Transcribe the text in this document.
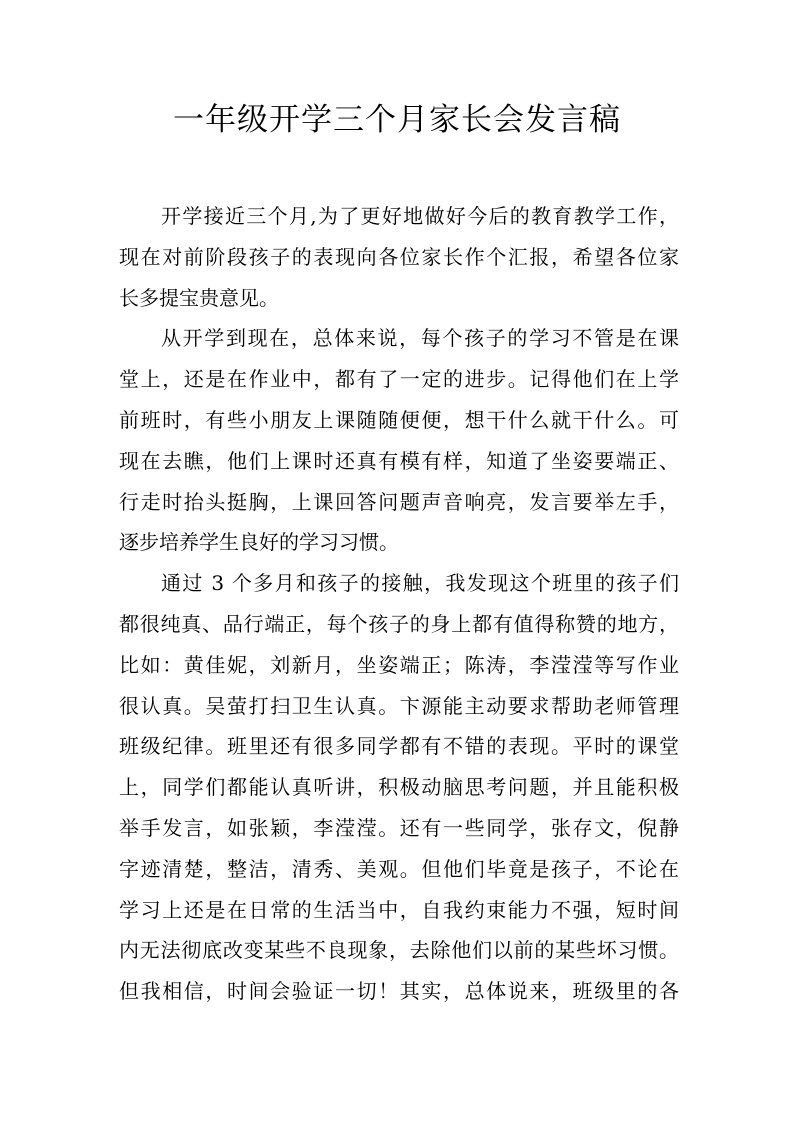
一年级开学三个月家长会发言稿
开学接近三个月,为了更好地做好今后的教育教学工作，
现在对前阶段孩子的表现向各位家长作个汇报，希望各位家
长多提宝贵意见。
从开学到现在，总体来说，每个孩子的学习不管是在课
堂上，还是在作业中，都有了一定的进步。记得他们在上学
前班时，有些小朋友上课随随便便，想干什么就干什么。可
现在去瞧，他们上课时还真有模有样，知道了坐姿要端正、
行走时抬头挺胸，上课回答问题声音响亮，发言要举左手，
逐步培养学生良好的学习习惯。
通过 3 个多月和孩子的接触，我发现这个班里的孩子们
都很纯真、品行端正，每个孩子的身上都有值得称赞的地方，
比如：黄佳妮，刘新月，坐姿端正；陈涛，李滢滢等写作业
很认真。吴萤打扫卫生认真。卞源能主动要求帮助老师管理
班级纪律。班里还有很多同学都有不错的表现。平时的课堂
上，同学们都能认真听讲，积极动脑思考问题，并且能积极
举手发言，如张颖，李滢滢。还有一些同学，张存文，倪静
字迹清楚，整洁，清秀、美观。但他们毕竟是孩子，不论在
学习上还是在日常的生活当中，自我约束能力不强，短时间
内无法彻底改变某些不良现象，去除他们以前的某些坏习惯。
但我相信，时间会验证一切！其实，总体说来，班级里的各
